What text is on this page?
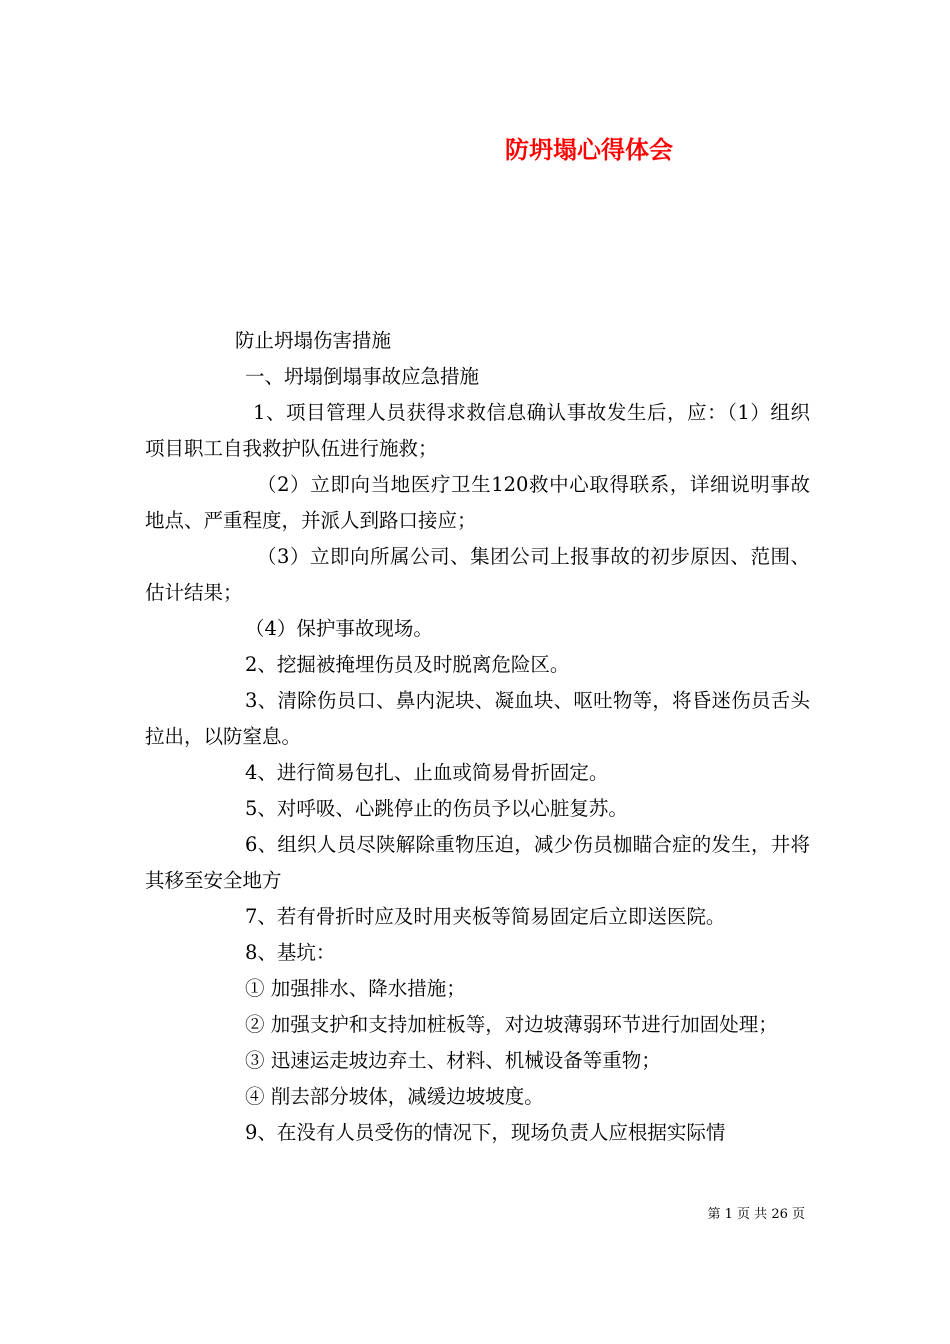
防坍塌心得体会

防止坍塌伤害措施

一、坍塌倒塌事故应急措施

1、项目管理人员获得求救信息确认事故发生后，应：（1）组织项目职工自我救护队伍进行施救；

（2）立即向当地医疗卫生120救中心取得联系，详细说明事故地点、严重程度，并派人到路口接应；

（3）立即向所属公司、集团公司上报事故的初步原因、范围、估计结果；

（4）保护事故现场。

2、挖掘被掩埋伤员及时脱离危险区。

3、清除伤员口、鼻内泥块、凝血块、呕吐物等，将昏迷伤员舌头拉出，以防窒息。

4、进行简易包扎、止血或简易骨折固定。

5、对呼吸、心跳停止的伤员予以心脏复苏。

6、组织人员尽陕解除重物压迫，减少伤员枷瞄合症的发生，井将其移至安全地方

7、若有骨折时应及时用夹板等简易固定后立即送医院。

8、基坑：

① 加强排水、降水措施；

② 加强支护和支持加桩板等，对边坡薄弱环节进行加固处理；

③ 迅速运走坡边弃土、材料、机械设备等重物；

④ 削去部分坡体，减缓边坡坡度。

9、在没有人员受伤的情况下，现场负责人应根据实际情

第 1 页 共 26 页
